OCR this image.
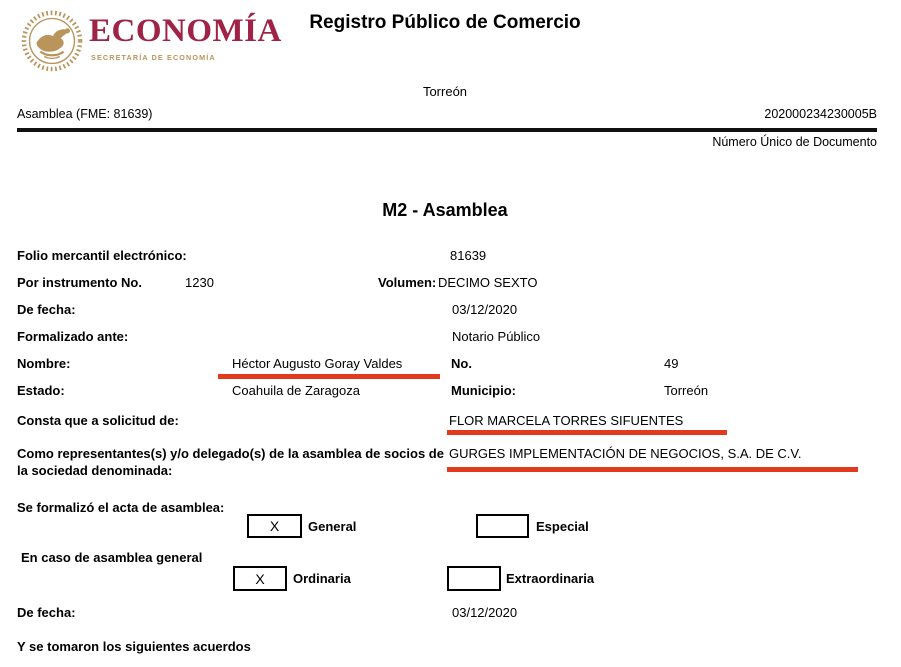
ECONOMÍA
SECRETARÍA DE ECONOMÍA
Registro Público de Comercio
Torreón
Asamblea (FME: 81639)	202000234230005B
Número Único de Documento
M2 - Asamblea
Folio mercantil electrónico:	81639
Por instrumento No.	1230	Volumen: DECIMO SEXTO
De fecha:	03/12/2020
Formalizado ante:	Notario Público
Nombre:	Héctor Augusto Goray Valdes	No.	49
Estado:	Coahuila de Zaragoza	Municipio:	Torreón
Consta que a solicitud de:	FLOR MARCELA TORRES SIFUENTES
Como representantes(s) y/o delegado(s) de la asamblea de socios de la sociedad denominada:
GURGES IMPLEMENTACIÓN DE NEGOCIOS, S.A. DE C.V.
Se formalizó el acta de asamblea:
X General	Especial
En caso de asamblea general
X Ordinaria	Extraordinaria
De fecha:	03/12/2020
Y se tomaron los siguientes acuerdos
